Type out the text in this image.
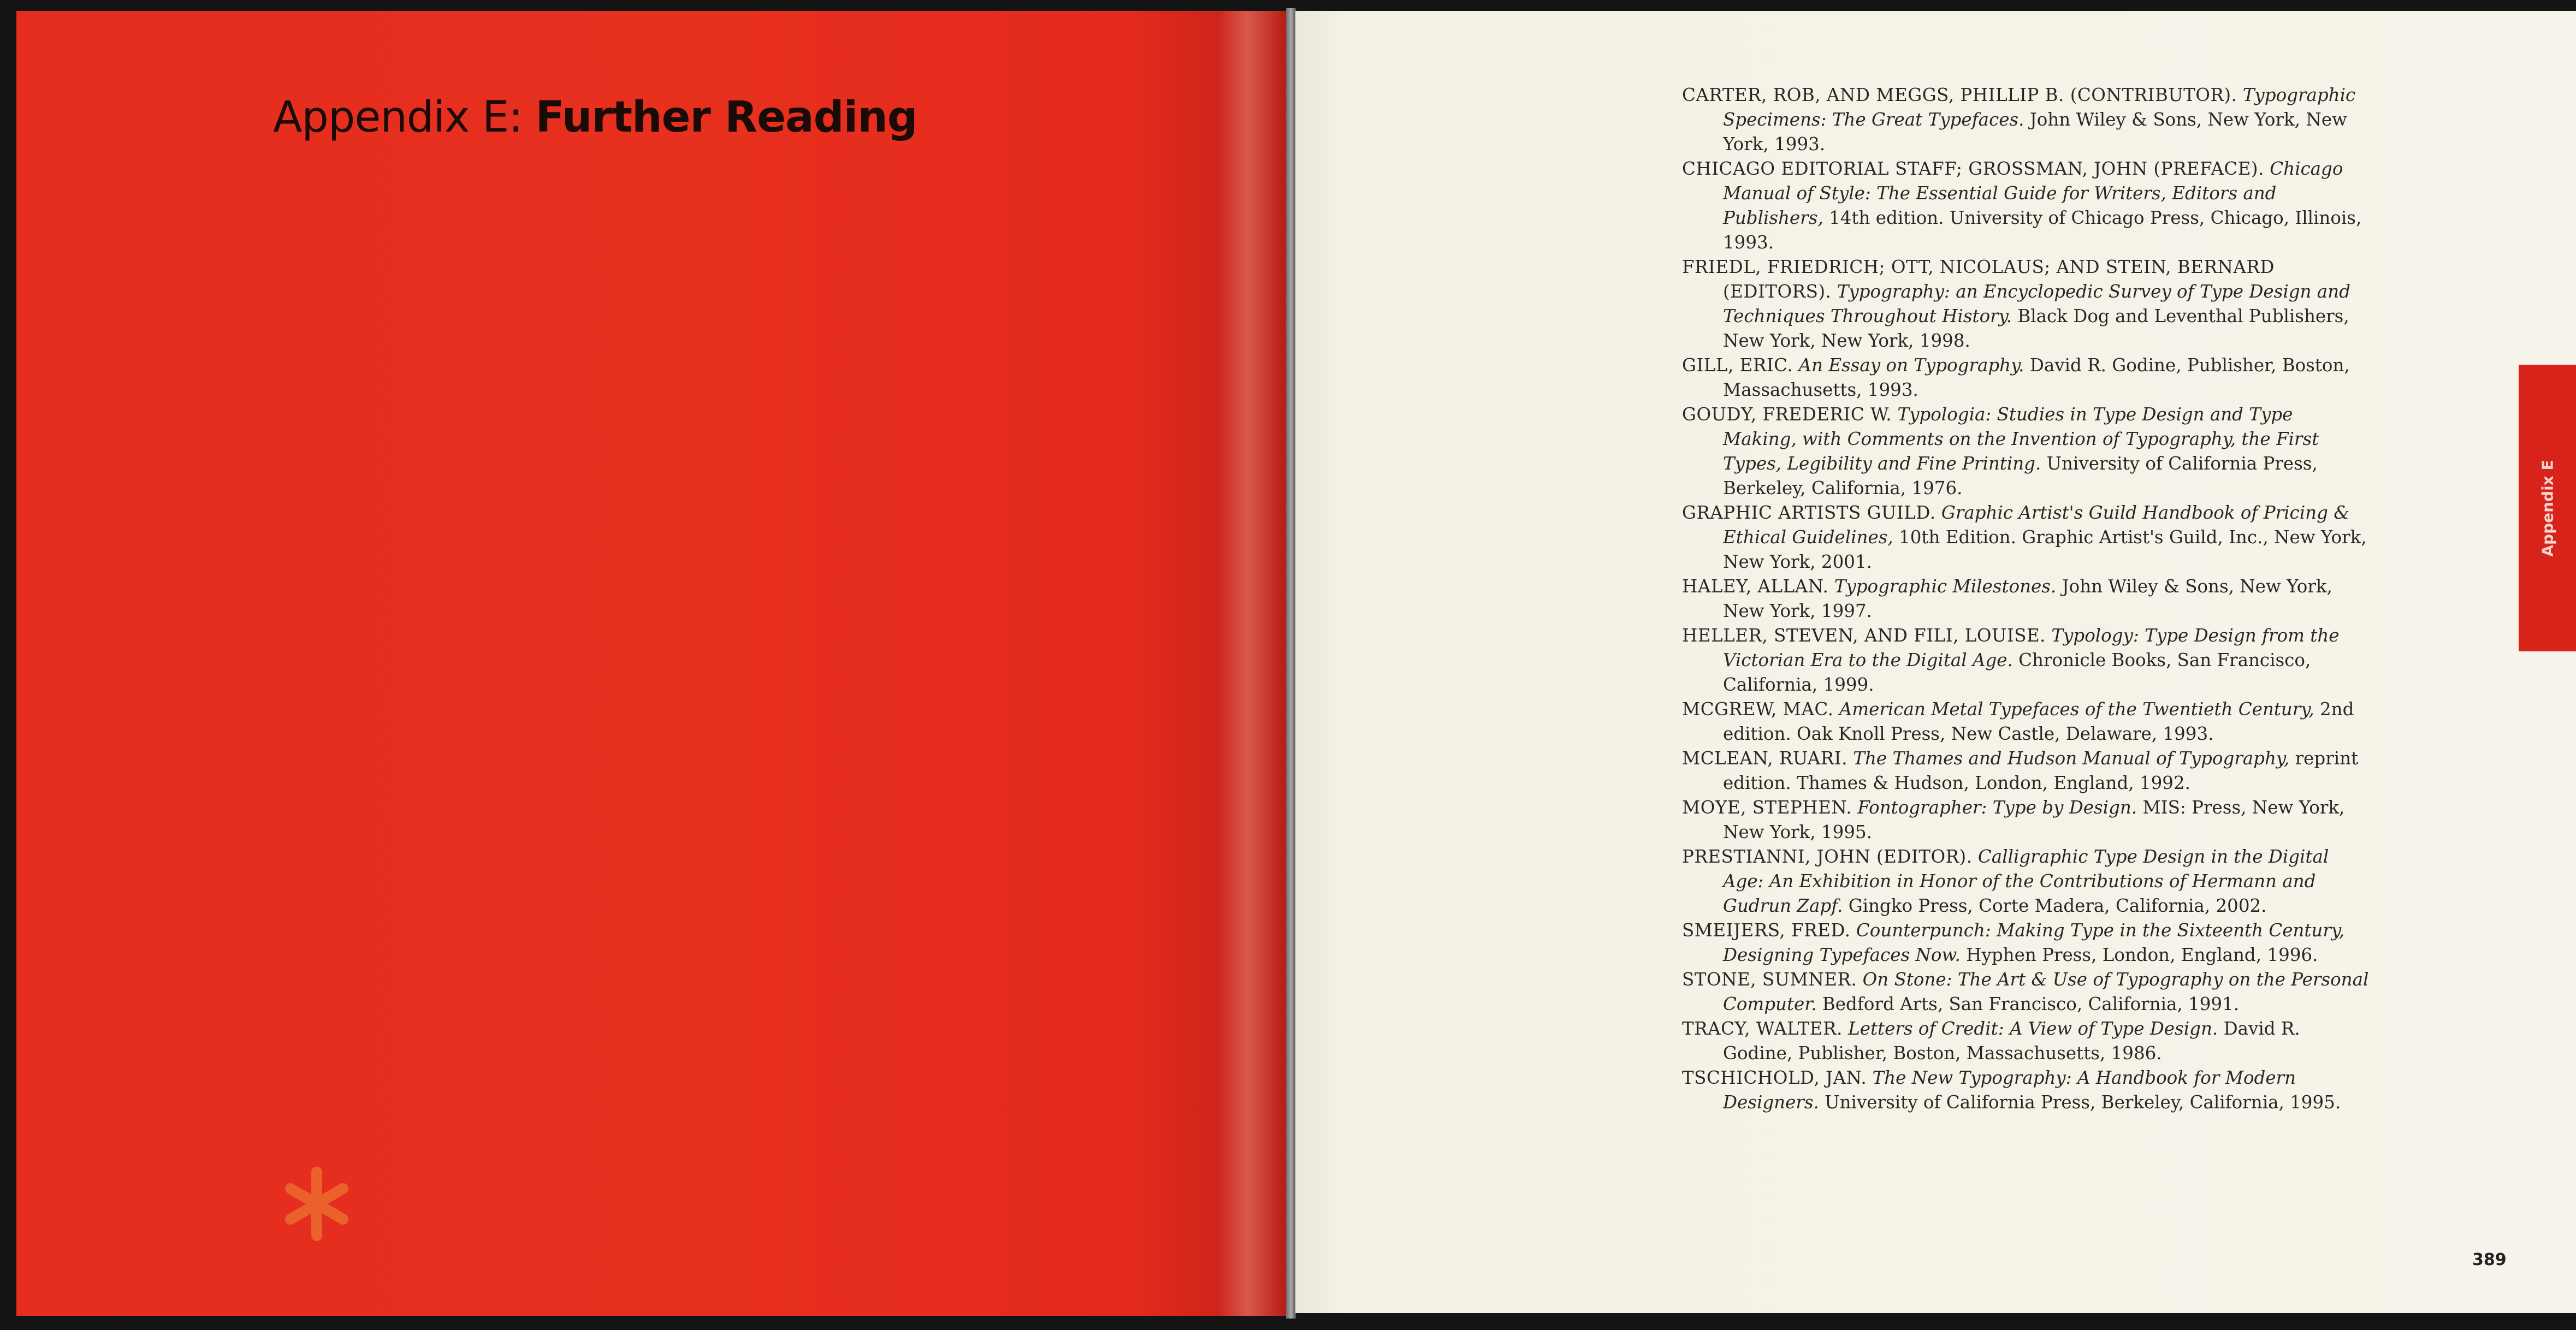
Appendix E: Further Reading	CARTER, ROB, AND MEGGS, PHILLIP B. (CONTRIBUTOR). Typographic Specimens: The Great Typefaces. John Wiley & Sons, New York, New York, 1993.

CHICAGO EDITORIAL STAFF; GROSSMAN, JOHN (PREFACE). Chicago Manual of Style: The Essential Guide for Writers, Editors and Publishers, 14th edition. University of Chicago Press, Chicago, Illinois, 1993.

FRIEDL, FRIEDRICH; OTT, NICOLAUS; AND STEIN, BERNARD (EDITORS). Typography: an Encyclopedic Survey of Type Design and Techniques Throughout History. Black Dog and Leventhal Publishers, New York, New York, 1998.

GILL, ERIC. An Essay on Typography. David R. Godine, Publisher, Boston, Massachusetts, 1993.

GOUDY, FREDERIC W. Typologia: Studies in Type Design and Type Making, with Comments on the Invention of Typography, the First Types, Legibility and Fine Printing. University of California Press, Berkeley, California, 1976.

GRAPHIC ARTISTS GUILD. Graphic Artist's Guild Handbook of Pricing & Ethical Guidelines, 10th Edition. Graphic Artist's Guild, Inc., New York, New York, 2001.

HALEY, ALLAN. Typographic Milestones. John Wiley & Sons, New York, New York, 1997.

HELLER, STEVEN, AND FILI, LOUISE. Typology: Type Design from the Victorian Era to the Digital Age. Chronicle Books, San Francisco, California, 1999.

MCGREW, MAC. American Metal Typefaces of the Twentieth Century, 2nd edition. Oak Knoll Press, New Castle, Delaware, 1993.

MCLEAN, RUARI. The Thames and Hudson Manual of Typography, reprint edition. Thames & Hudson, London, England, 1992.

MOYE, STEPHEN. Fontographer: Type by Design. MIS: Press, New York, New York, 1995.

PRESTIANNI, JOHN (EDITOR). Calligraphic Type Design in the Digital Age: An Exhibition in Honor of the Contributions of Hermann and Gudrun Zapf. Gingko Press, Corte Madera, California, 2002.

SMEIJERS, FRED. Counterpunch: Making Type in the Sixteenth Century, Designing Typefaces Now. Hyphen Press, London, England, 1996.

STONE, SUMNER. On Stone: The Art & Use of Typography on the Personal Computer. Bedford Arts, San Francisco, California, 1991.

TRACY, WALTER. Letters of Credit: A View of Type Design. David R. Godine, Publisher, Boston, Massachusetts, 1986.

TSCHICHOLD, JAN. The New Typography: A Handbook for Modern Designers. University of California Press, Berkeley, California, 1995.

Appendix E
389
